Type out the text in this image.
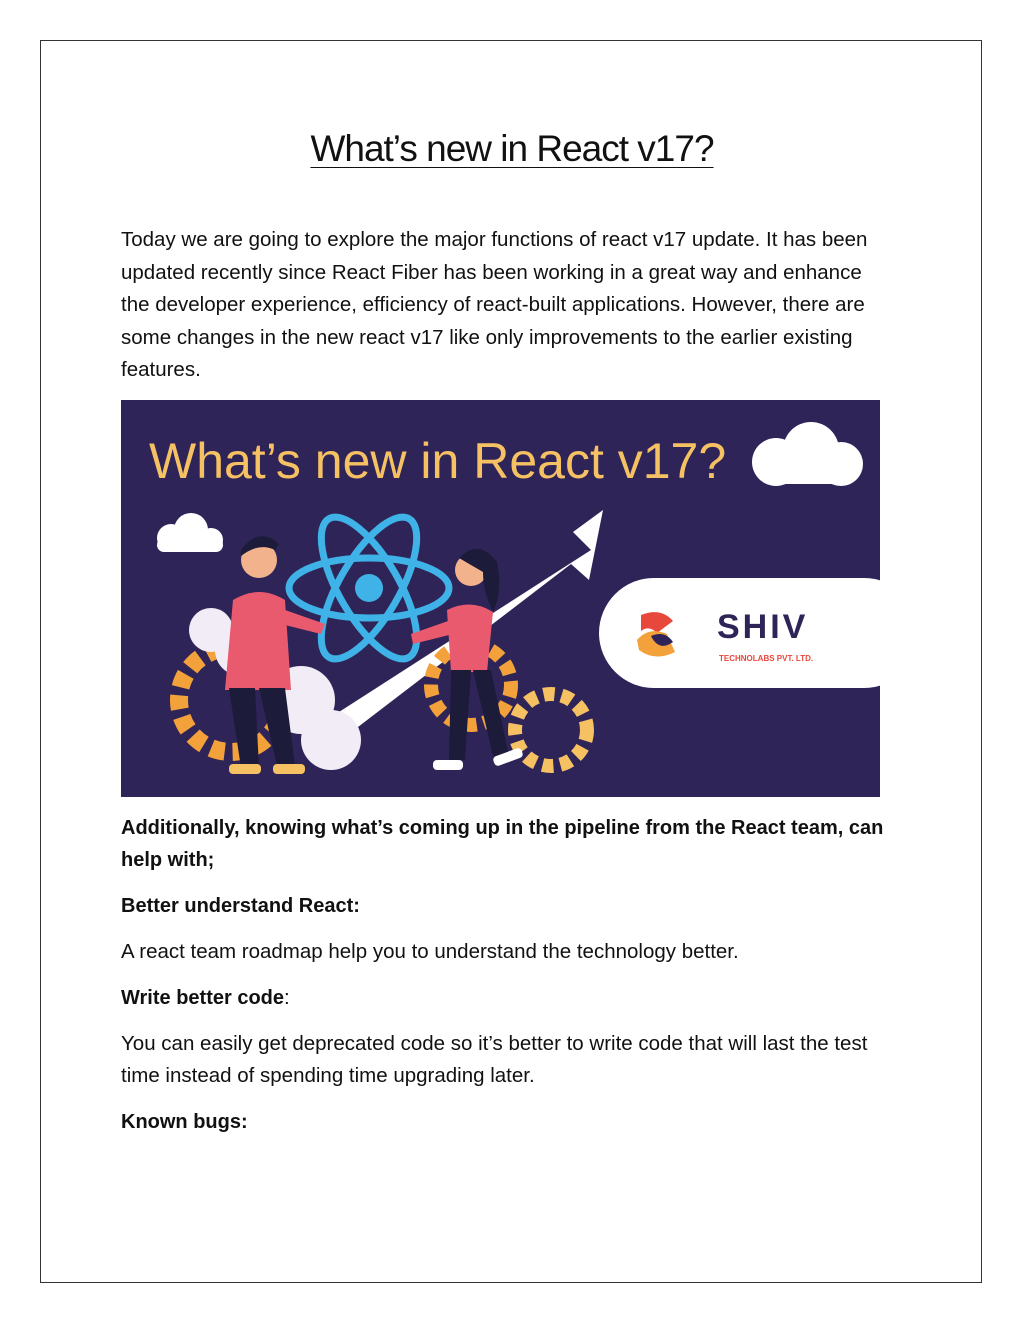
What’s new in React v17?

Today we are going to explore the major functions of react v17 update. It has been updated recently since React Fiber has been working in a great way and enhance the developer experience, efficiency of react-built applications. However, there are some changes in the new react v17 like only improvements to the earlier existing features.

What’s new in React v17?
SHIV
TECHNOLABS PVT. LTD.

Additionally, knowing what’s coming up in the pipeline from the React team, can help with;

Better understand React:

A react team roadmap help you to understand the technology better.

Write better code:

You can easily get deprecated code so it’s better to write code that will last the test time instead of spending time upgrading later.

Known bugs:
